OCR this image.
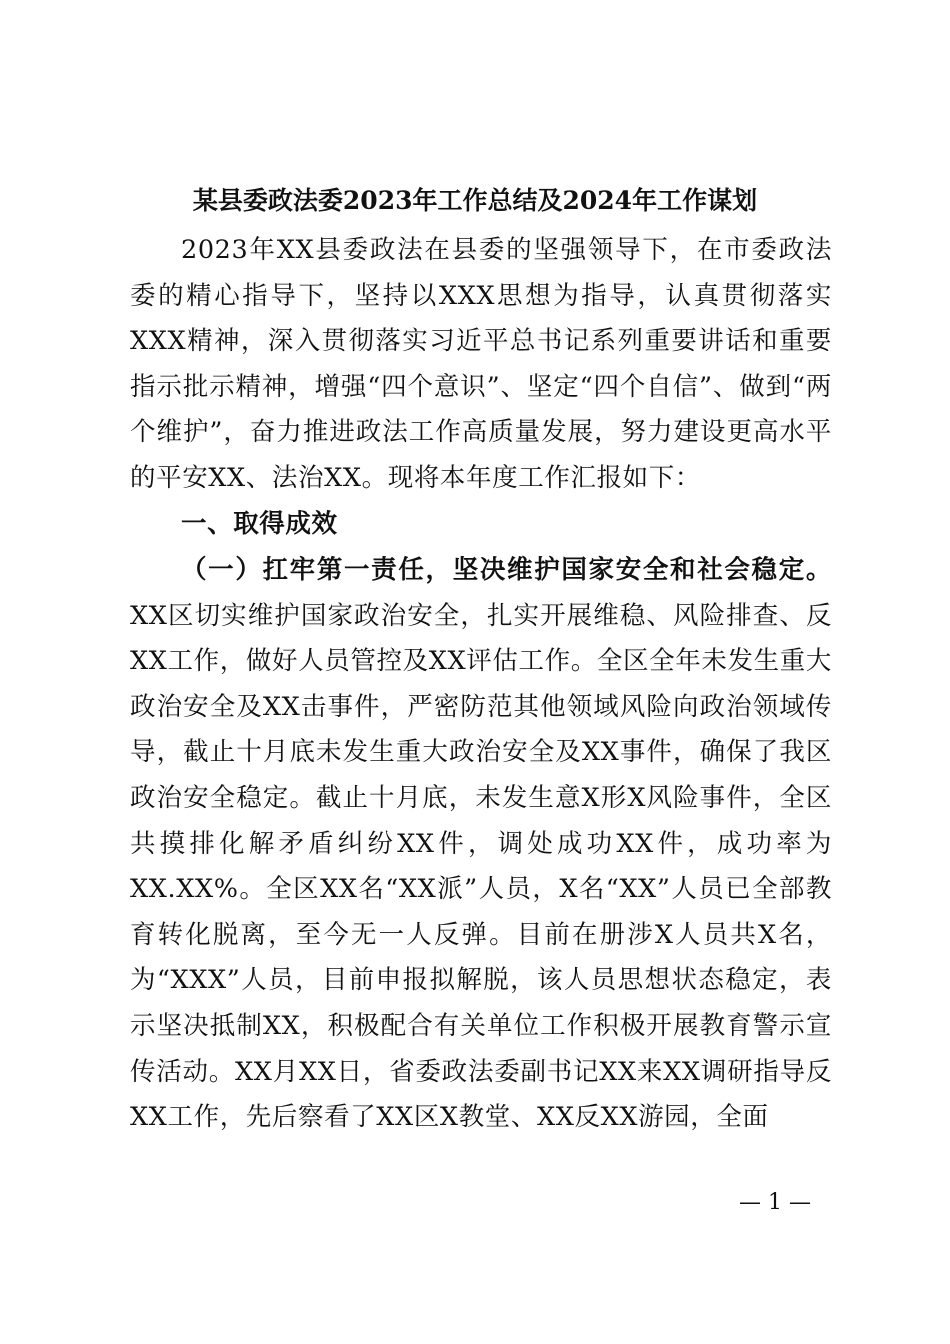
某县委政法委2023年工作总结及2024年工作谋划

2023年XX县委政法在县委的坚强领导下，在市委政法委的精心指导下，坚持以XXX思想为指导，认真贯彻落实XXX精神，深入贯彻落实习近平总书记系列重要讲话和重要指示批示精神，增强“四个意识”、坚定“四个自信”、做到“两个维护”，奋力推进政法工作高质量发展，努力建设更高水平的平安XX、法治XX。现将本年度工作汇报如下：

一、取得成效

（一）扛牢第一责任，坚决维护国家安全和社会稳定。XX区切实维护国家政治安全，扎实开展维稳、风险排查、反XX工作，做好人员管控及XX评估工作。全区全年未发生重大政治安全及XX击事件，严密防范其他领域风险向政治领域传导，截止十月底未发生重大政治安全及XX事件，确保了我区政治安全稳定。截止十月底，未发生意X形X风险事件，全区共摸排化解矛盾纠纷XX件，调处成功XX件，成功率为XX.XX%。全区XX名“XX派”人员，X名“XX”人员已全部教育转化脱离，至今无一人反弹。目前在册涉X人员共X名，为“XXX”人员，目前申报拟解脱，该人员思想状态稳定，表示坚决抵制XX，积极配合有关单位工作积极开展教育警示宣传活动。XX月XX日，省委政法委副书记XX来XX调研指导反XX工作，先后察看了XX区X教堂、XX反XX游园，全面

— 1 —
